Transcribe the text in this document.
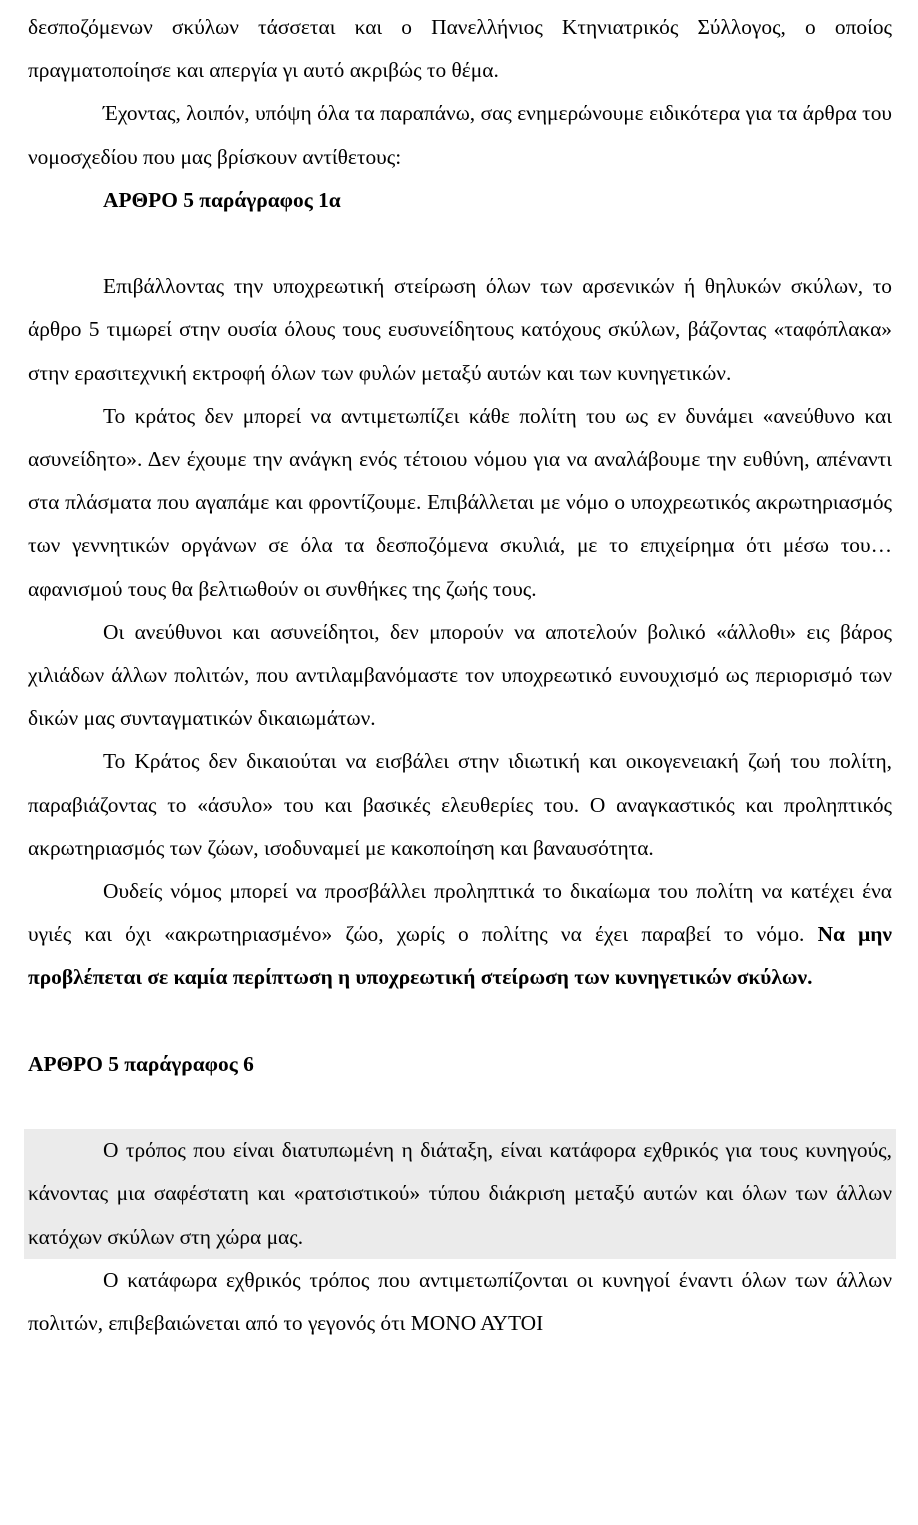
δεσποζόμενων σκύλων τάσσεται και ο Πανελλήνιος Κτηνιατρικός Σύλλογος, ο οποίος πραγματοποίησε και απεργία γι αυτό ακριβώς το θέμα.

Έχοντας, λοιπόν, υπόψη όλα τα παραπάνω, σας ενημερώνουμε ειδικότερα για τα άρθρα του νομοσχεδίου που μας βρίσκουν αντίθετους:

ΑΡΘΡΟ 5 παράγραφος 1α

Επιβάλλοντας την υποχρεωτική στείρωση όλων των αρσενικών ή θηλυκών σκύλων, το άρθρο 5 τιμωρεί στην ουσία όλους τους ευσυνείδητους κατόχους σκύλων, βάζοντας «ταφόπλακα» στην ερασιτεχνική εκτροφή όλων των φυλών μεταξύ αυτών και των κυνηγετικών.

Το κράτος δεν μπορεί να αντιμετωπίζει κάθε πολίτη του ως εν δυνάμει «ανεύθυνο και ασυνείδητο». Δεν έχουμε την ανάγκη ενός τέτοιου νόμου για να αναλάβουμε την ευθύνη, απέναντι στα πλάσματα που αγαπάμε και φροντίζουμε. Επιβάλλεται με νόμο ο υποχρεωτικός ακρωτηριασμός των γεννητικών οργάνων σε όλα τα δεσποζόμενα σκυλιά, με το επιχείρημα ότι μέσω του… αφανισμού τους θα βελτιωθούν οι συνθήκες της ζωής τους.

Οι ανεύθυνοι και ασυνείδητοι, δεν μπορούν να αποτελούν βολικό «άλλοθι» εις βάρος χιλιάδων άλλων πολιτών, που αντιλαμβανόμαστε τον υποχρεωτικό ευνουχισμό ως περιορισμό των δικών μας συνταγματικών δικαιωμάτων.

Το Κράτος δεν δικαιούται να εισβάλει στην ιδιωτική και οικογενειακή ζωή του πολίτη, παραβιάζοντας το «άσυλο» του και βασικές ελευθερίες του. Ο αναγκαστικός και προληπτικός ακρωτηριασμός των ζώων, ισοδυναμεί με κακοποίηση και βαναυσότητα.

Ουδείς νόμος μπορεί να προσβάλλει προληπτικά το δικαίωμα του πολίτη να κατέχει ένα υγιές και όχι «ακρωτηριασμένο» ζώο, χωρίς ο πολίτης να έχει παραβεί το νόμο. Να μην προβλέπεται σε καμία περίπτωση η υποχρεωτική στείρωση των κυνηγετικών σκύλων.

ΑΡΘΡΟ 5 παράγραφος 6

Ο τρόπος που είναι διατυπωμένη η διάταξη, είναι κατάφορα εχθρικός για τους κυνηγούς, κάνοντας μια σαφέστατη και «ρατσιστικού» τύπου διάκριση μεταξύ αυτών και όλων των άλλων κατόχων σκύλων στη χώρα μας.

Ο κατάφωρα εχθρικός τρόπος που αντιμετωπίζονται οι κυνηγοί έναντι όλων των άλλων πολιτών, επιβεβαιώνεται από το γεγονός ότι ΜΟΝΟ ΑΥΤΟΙ
